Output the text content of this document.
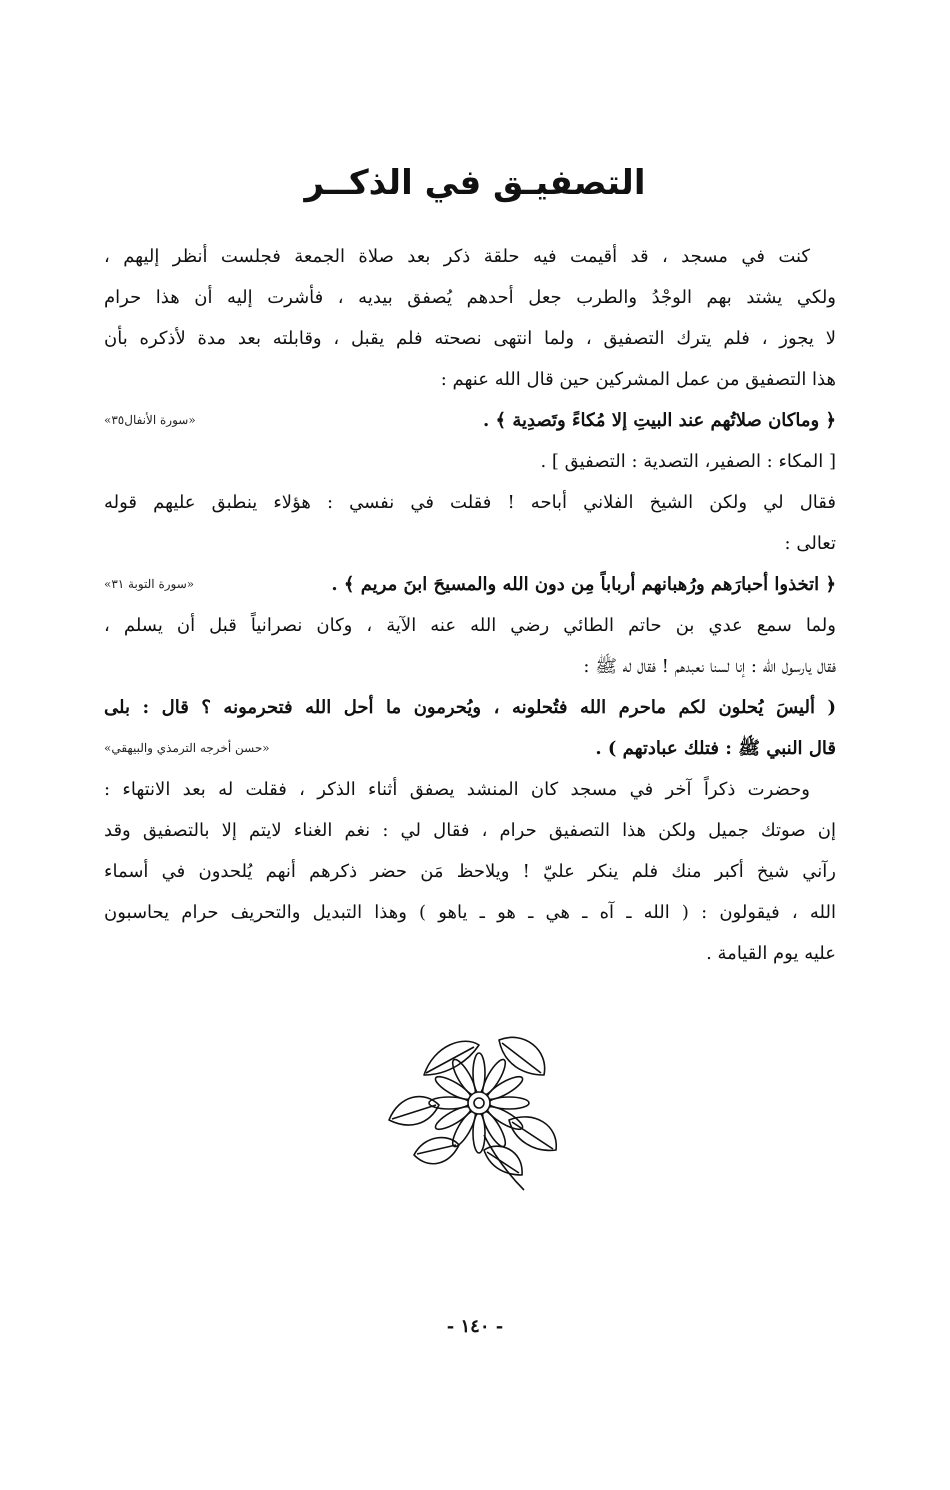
التصفيـق في الذكــر
كنت في مسجد ، قد أقيمت فيه حلقة ذكر بعد صلاة الجمعة فجلست أنظر إليهم ،
ولكي يشتد بهم الوجْدُ والطرب جعل أحدهم يُصفق بيديه ، فأشرت إليه أن هذا حرام
لا يجوز ، فلم يترك التصفيق ، ولما انتهى نصحته فلم يقبل ، وقابلته بعد مدة لأذكره بأن
هذا التصفيق من عمل المشركين حين قال الله عنهم :
﴿ وماكان صلاتُهم عند البيتِ إلا مُكاءً وتَصدِية ﴾ .
«سورة الأنفال٣٥»
[ المكاء : الصفير، التصدية : التصفيق ] .
فقال لي ولكن الشيخ الفلاني أباحه ! فقلت في نفسي : هؤلاء ينطبق عليهم قوله
تعالى :
﴿ اتخذوا أحبارَهم ورُهبانهم أرباباً مِن دون الله والمسيحَ ابنَ مريم ﴾ .
«سورة التوبة ٣١»
ولما سمع عدي بن حاتم الطائي رضي الله عنه الآية ، وكان نصرانياً قبل أن يسلم ،
فقال يارسول الله : إنا لسنا نعبدهم ! فقال له ﷺ :
( أليسَ يُحلون لكم ماحرم الله فتُحلونه ، ويُحرمون ما أحل الله فتحرمونه ؟ قال : بلى
قال النبي ﷺ : فتلك عبادتهم ) .
«حسن أخرجه الترمذي والبيهقي»
وحضرت ذكراً آخر في مسجد كان المنشد يصفق أثناء الذكر ، فقلت له بعد الانتهاء :
إن صوتك جميل ولكن هذا التصفيق حرام ، فقال لي : نغم الغناء لايتم إلا بالتصفيق وقد
رآني شيخ أكبر منك فلم ينكر عليّ ! ويلاحظ مَن حضر ذكرهم أنهم يُلحدون في أسماء
الله ، فيقولون : ( الله ـ آه ـ هي ـ هو ـ ياهو ) وهذا التبديل والتحريف حرام يحاسبون
عليه يوم القيامة .
- ١٤٠ -
